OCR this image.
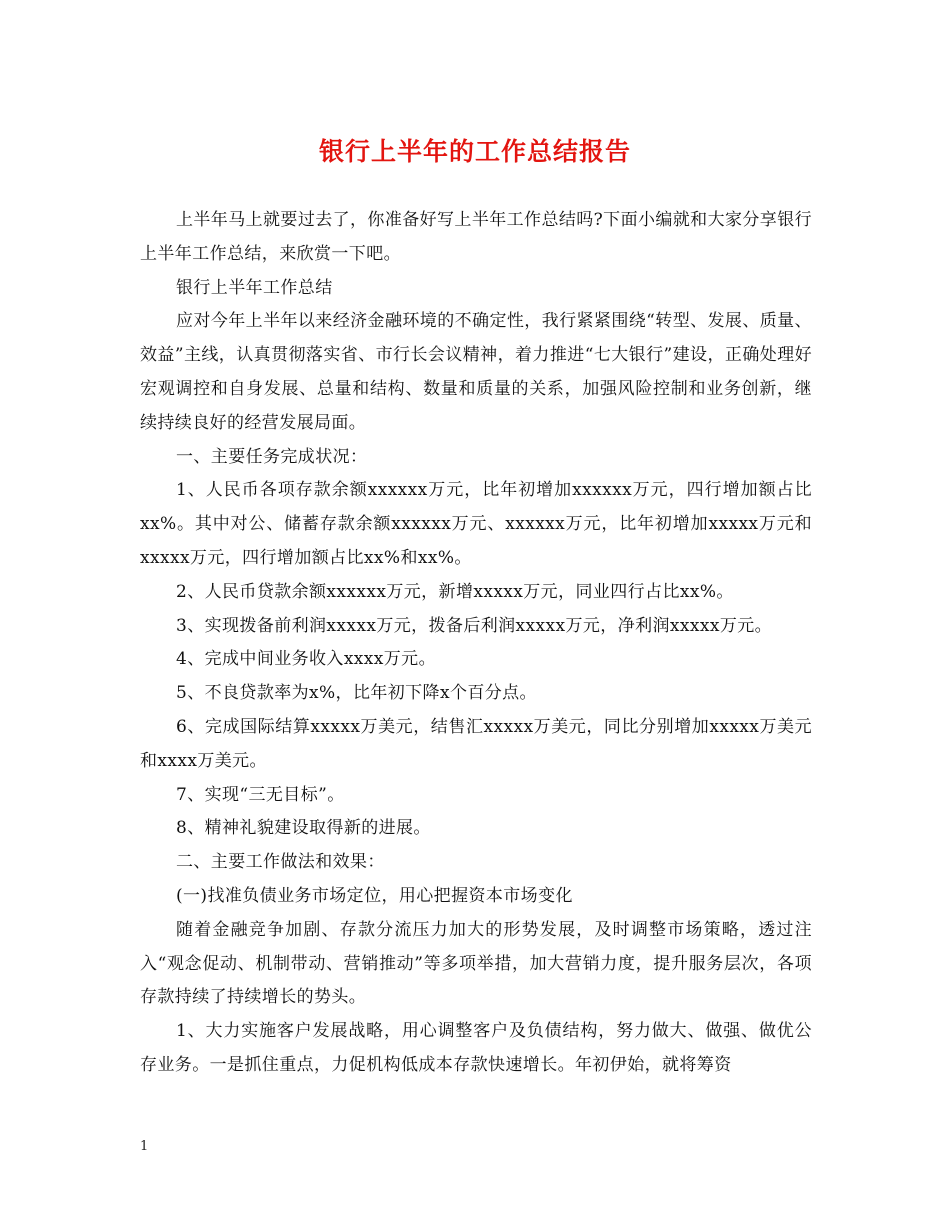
银行上半年的工作总结报告

上半年马上就要过去了，你准备好写上半年工作总结吗?下面小编就和大家分享银行上半年工作总结，来欣赏一下吧。

银行上半年工作总结

应对今年上半年以来经济金融环境的不确定性，我行紧紧围绕“转型、发展、质量、效益”主线，认真贯彻落实省、市行长会议精神，着力推进“七大银行”建设，正确处理好宏观调控和自身发展、总量和结构、数量和质量的关系，加强风险控制和业务创新，继续持续良好的经营发展局面。

一、主要任务完成状况：

1、人民币各项存款余额xxxxxx万元，比年初增加xxxxxx万元，四行增加额占比xx%。其中对公、储蓄存款余额xxxxxx万元、xxxxxx万元，比年初增加xxxxx万元和xxxxx万元，四行增加额占比xx%和xx%。

2、人民币贷款余额xxxxxx万元，新增xxxxx万元，同业四行占比xx%。

3、实现拨备前利润xxxxx万元，拨备后利润xxxxx万元，净利润xxxxx万元。

4、完成中间业务收入xxxx万元。

5、不良贷款率为x%，比年初下降x个百分点。

6、完成国际结算xxxxx万美元，结售汇xxxxx万美元，同比分别增加xxxxx万美元和xxxx万美元。

7、实现“三无目标”。

8、精神礼貌建设取得新的进展。

二、主要工作做法和效果：

(一)找准负债业务市场定位，用心把握资本市场变化

随着金融竞争加剧、存款分流压力加大的形势发展，及时调整市场策略，透过注入“观念促动、机制带动、营销推动”等多项举措，加大营销力度，提升服务层次，各项存款持续了持续增长的势头。

1、大力实施客户发展战略，用心调整客户及负债结构，努力做大、做强、做优公存业务。一是抓住重点，力促机构低成本存款快速增长。年初伊始，就将筹资

1
